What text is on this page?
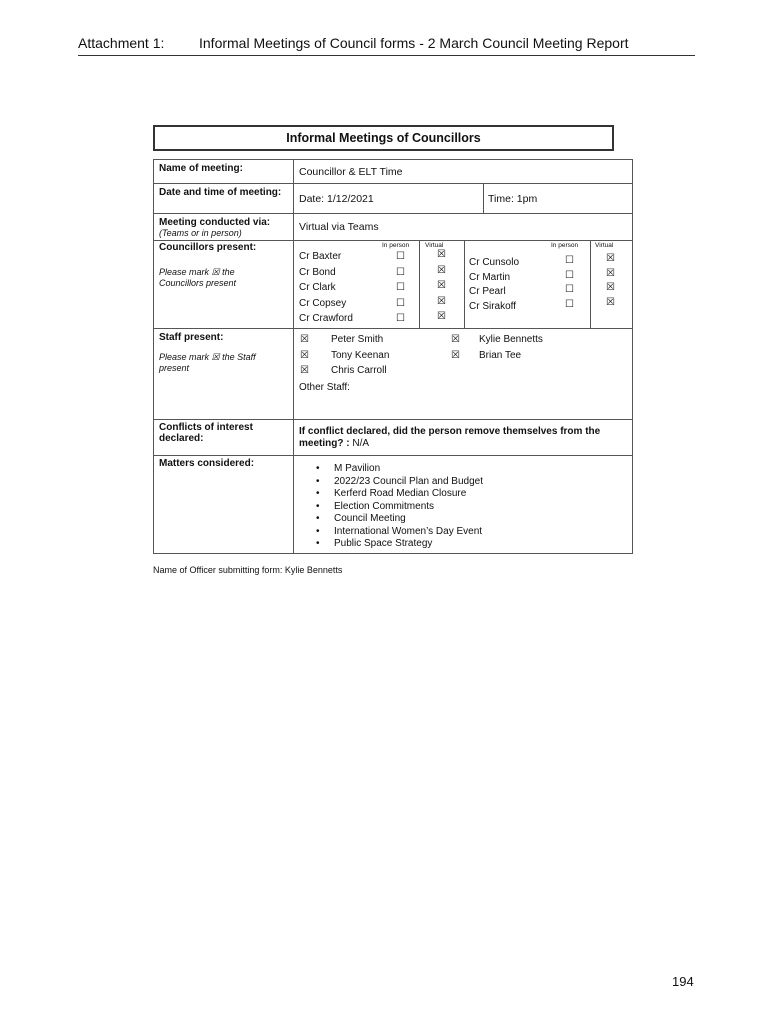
Attachment 1: Informal Meetings of Council forms - 2 March Council Meeting Report
Informal Meetings of Councillors
Name of meeting:	Councillor & ELT Time
Date and time of meeting:
Date: 1/12/2021	Time: 1pm
Meeting conducted via:
(Teams or in person)	Virtual via Teams
Councillors present:
Please mark ☒ the Councillors present
In person Virtual	In person	Virtual
Cr Baxter	☐	☒
Cr Bond	☐	☒
Cr Clark	☐	☒
Cr Copsey	☐	☒
Cr Crawford	☐	☒
Cr Cunsolo	☐	☒
Cr Martin	☐	☒
Cr Pearl	☐	☒
Cr Sirakoff	☐	☒
Staff present:
Please mark ☒ the Staff present
☒ Peter Smith
☒ Tony Keenan
☒ Chris Carroll
☒ Kylie Bennetts
☒ Brian Tee
Other Staff:
Conflicts of interest declared:
If conflict declared, did the person remove themselves from the meeting? : N/A
Matters considered:
•	M Pavilion
• 2022/23 Council Plan and Budget
• Kerferd Road Median Closure
• Election Commitments
• Council Meeting
• International Women’s Day Event
• Public Space Strategy
Name of Officer submitting form: Kylie Bennetts
194
